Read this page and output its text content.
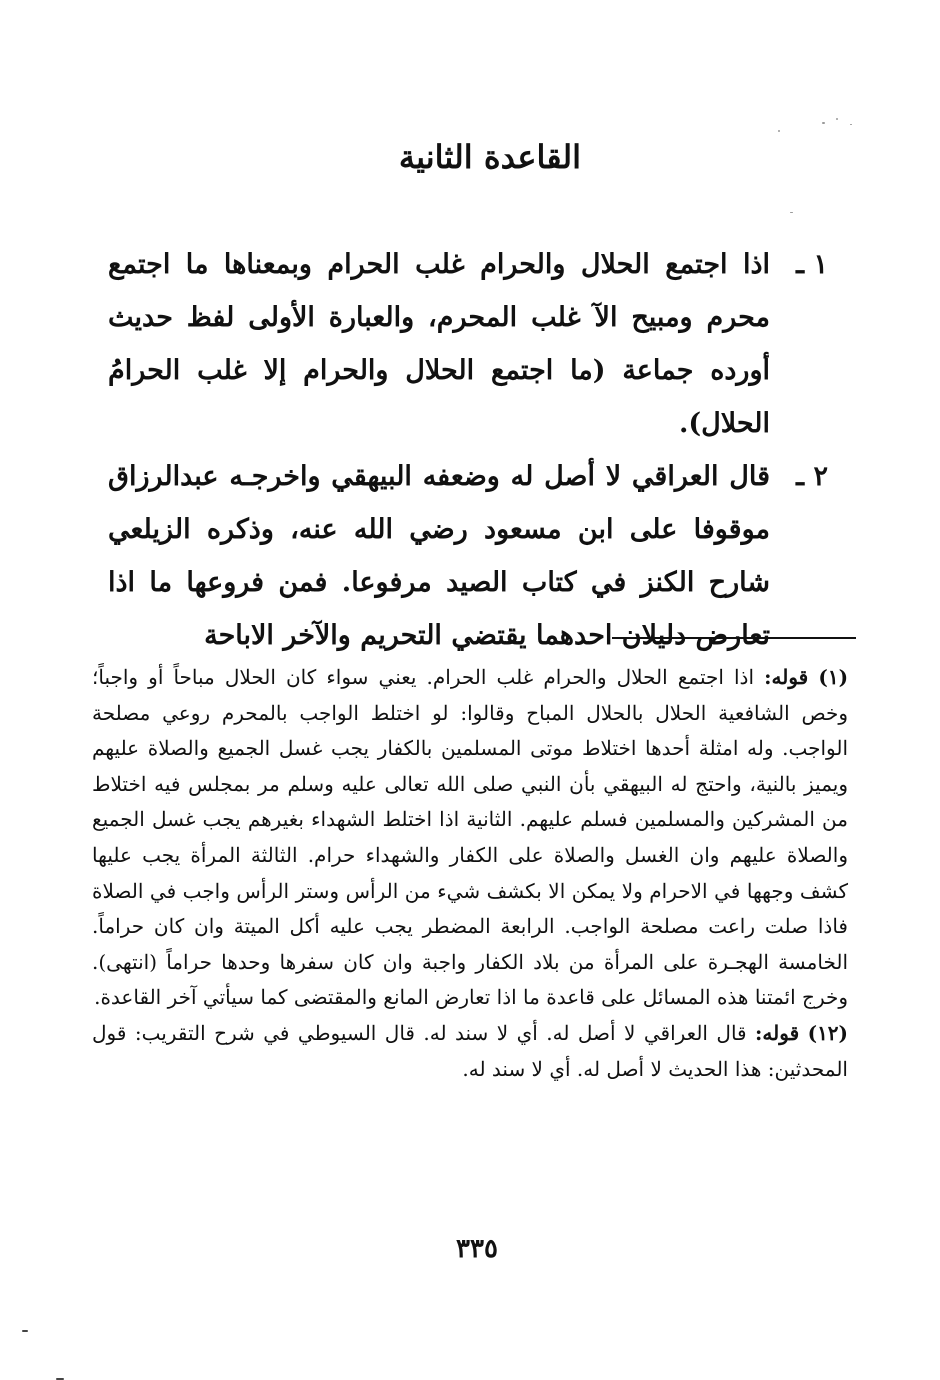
القاعدة الثانية
١ ـ
اذا اجتمع الحلال والحرام غلب الحرام وبمعناها ما اجتمع محرم ومبيح الآ غلب المحرم، والعبارة الأولى لفظ حديث أورده جماعة (ما اجتمع الحلال والحرام إلا غلب الحرامُ الحلال).
٢ ـ
قال العراقي لا أصل له وضعفه البيهقي واخرجـه عبدالرزاق موقوفا على ابن مسعود رضي الله عنه، وذكره الزيلعي شارح الكنز في كتاب الصيد مرفوعا. فمن فروعها ما اذا تعارض دليلان احدهما يقتضي التحريم والآخر الاباحة
(١) قوله: اذا اجتمع الحلال والحرام غلب الحرام. يعني سواء كان الحلال مباحاً أو واجباً؛ وخص الشافعية الحلال بالحلال المباح وقالوا: لو اختلط الواجب بالمحرم روعي مصلحة الواجب. وله امثلة أحدها اختلاط موتى المسلمين بالكفار يجب غسل الجميع والصلاة عليهم ويميز بالنية، واحتج له البيهقي بأن النبي صلى الله تعالى عليه وسلم مر بمجلس فيه اختلاط من المشركين والمسلمين فسلم عليهم. الثانية اذا اختلط الشهداء بغيرهم يجب غسل الجميع والصلاة عليهم وان الغسل والصلاة على الكفار والشهداء حرام. الثالثة المرأة يجب عليها كشف وجهها في الاحرام ولا يمكن الا بكشف شيء من الرأس وستر الرأس واجب في الصلاة فاذا صلت راعت مصلحة الواجب. الرابعة المضطر يجب عليه أكل الميتة وان كان حراماً. الخامسة الهجـرة على المرأة من بلاد الكفار واجبة وان كان سفرها وحدها حراماً (انتهى). وخرج ائمتنا هذه المسائل على قاعدة ما اذا تعارض المانع والمقتضى كما سيأتي آخر القاعدة.
(١٢) قوله: قال العراقي لا أصل له. أي لا سند له. قال السيوطي في شرح التقريب: قول المحدثين: هذا الحديث لا أصل له. أي لا سند له.
٣٣٥
